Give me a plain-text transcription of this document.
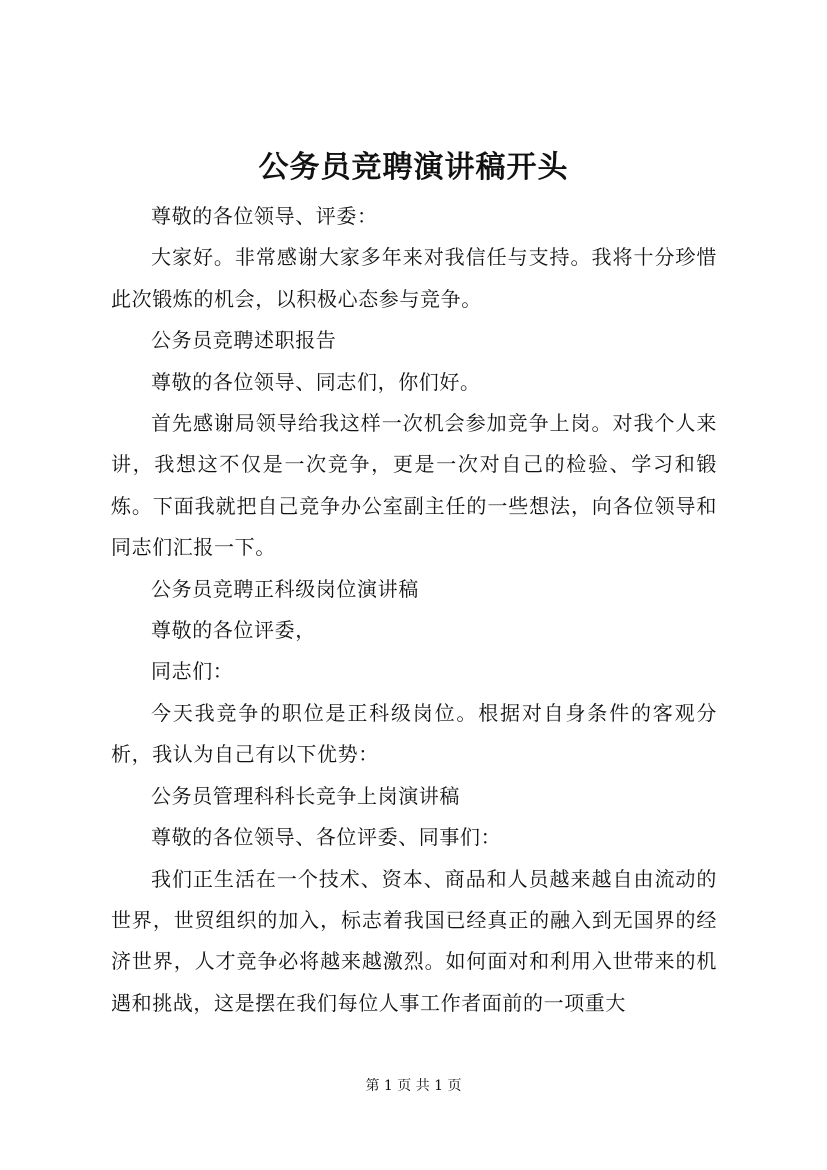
公务员竞聘演讲稿开头

尊敬的各位领导、评委：

大家好。非常感谢大家多年来对我信任与支持。我将十分珍惜此次锻炼的机会，以积极心态参与竞争。

公务员竞聘述职报告

尊敬的各位领导、同志们，你们好。

首先感谢局领导给我这样一次机会参加竞争上岗。对我个人来讲，我想这不仅是一次竞争，更是一次对自己的检验、学习和锻炼。下面我就把自己竞争办公室副主任的一些想法，向各位领导和同志们汇报一下。

公务员竞聘正科级岗位演讲稿

尊敬的各位评委，

同志们：

今天我竞争的职位是正科级岗位。根据对自身条件的客观分析，我认为自己有以下优势：

公务员管理科科长竞争上岗演讲稿

尊敬的各位领导、各位评委、同事们：

我们正生活在一个技术、资本、商品和人员越来越自由流动的世界，世贸组织的加入，标志着我国已经真正的融入到无国界的经济世界，人才竞争必将越来越激烈。如何面对和利用入世带来的机遇和挑战，这是摆在我们每位人事工作者面前的一项重大

第 1 页 共 1 页
